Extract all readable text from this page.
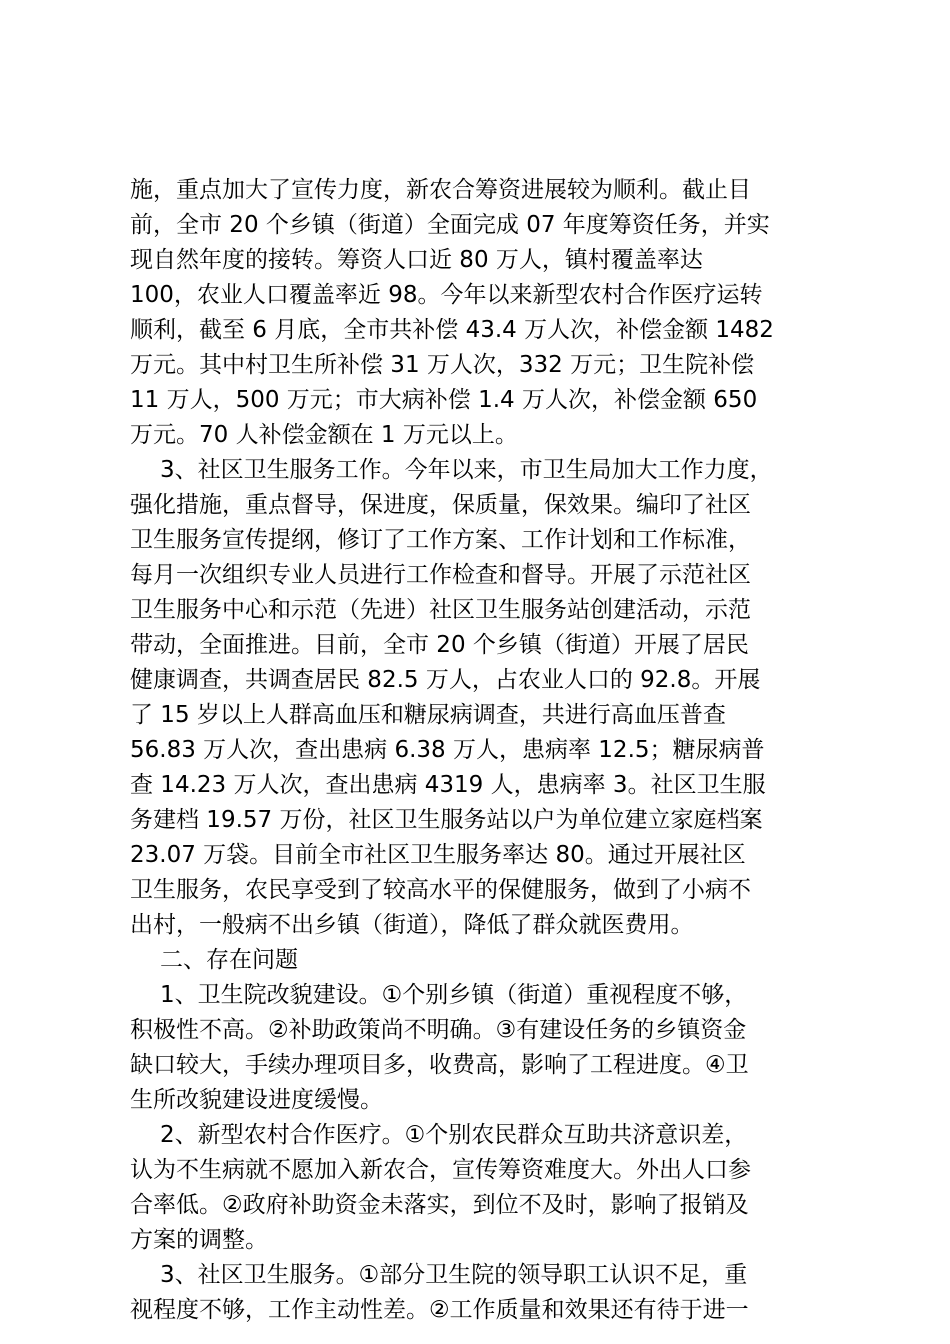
施，重点加大了宣传力度，新农合筹资进展较为顺利。截止目
前，全市 20 个乡镇（街道）全面完成 07 年度筹资任务，并实
现自然年度的接转。筹资人口近 80 万人，镇村覆盖率达
100，农业人口覆盖率近 98。今年以来新型农村合作医疗运转
顺利，截至 6 月底，全市共补偿 43.4 万人次，补偿金额 1482
万元。其中村卫生所补偿 31 万人次，332 万元；卫生院补偿
11 万人，500 万元；市大病补偿 1.4 万人次，补偿金额 650
万元。70 人补偿金额在 1 万元以上。
3、社区卫生服务工作。今年以来，市卫生局加大工作力度，
强化措施，重点督导，保进度，保质量，保效果。编印了社区
卫生服务宣传提纲，修订了工作方案、工作计划和工作标准，
每月一次组织专业人员进行工作检查和督导。开展了示范社区
卫生服务中心和示范（先进）社区卫生服务站创建活动，示范
带动，全面推进。目前，全市 20 个乡镇（街道）开展了居民
健康调查，共调查居民 82.5 万人，占农业人口的 92.8。开展
了 15 岁以上人群高血压和糖尿病调查，共进行高血压普查
56.83 万人次，查出患病 6.38 万人，患病率 12.5；糖尿病普
查 14.23 万人次，查出患病 4319 人，患病率 3。社区卫生服
务建档 19.57 万份，社区卫生服务站以户为单位建立家庭档案
23.07 万袋。目前全市社区卫生服务率达 80。通过开展社区
卫生服务，农民享受到了较高水平的保健服务，做到了小病不
出村，一般病不出乡镇（街道），降低了群众就医费用。
二、存在问题
1、卫生院改貌建设。①个别乡镇（街道）重视程度不够，
积极性不高。②补助政策尚不明确。③有建设任务的乡镇资金
缺口较大，手续办理项目多，收费高，影响了工程进度。④卫
生所改貌建设进度缓慢。
2、新型农村合作医疗。①个别农民群众互助共济意识差，
认为不生病就不愿加入新农合，宣传筹资难度大。外出人口参
合率低。②政府补助资金未落实，到位不及时，影响了报销及
方案的调整。
3、社区卫生服务。①部分卫生院的领导职工认识不足，重
视程度不够，工作主动性差。②工作质量和效果还有待于进一
